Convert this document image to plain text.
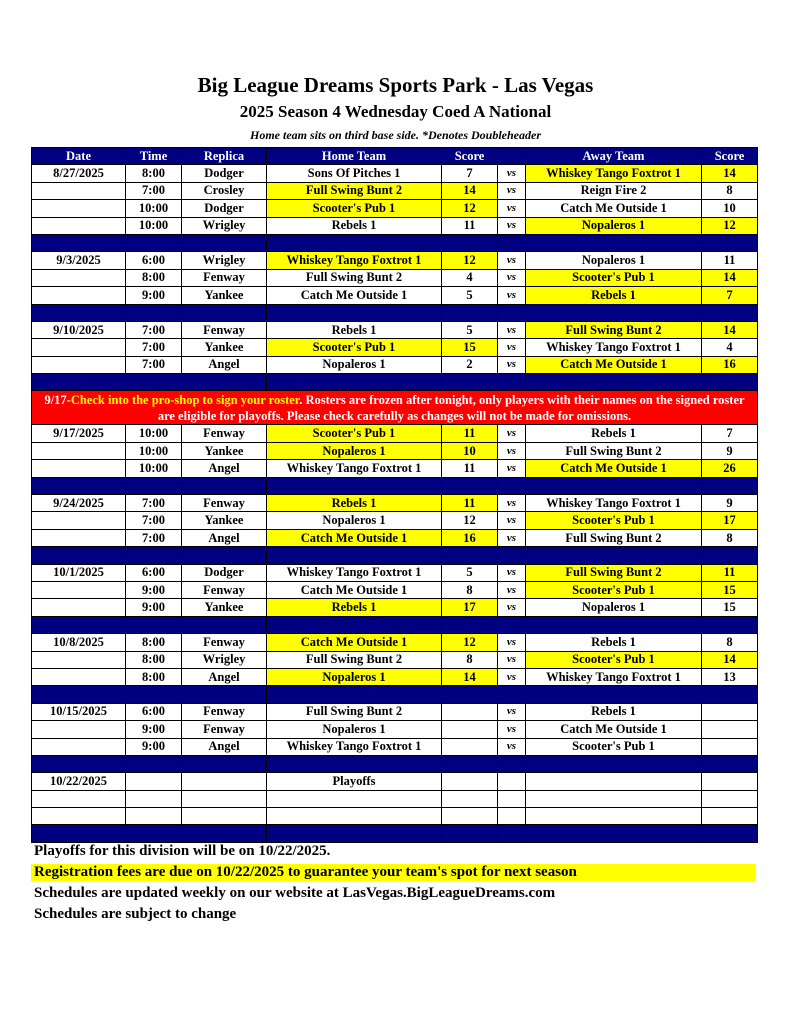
Big League Dreams Sports Park - Las Vegas
2025 Season 4 Wednesday Coed A National
Home team sits on third base side. *Denotes Doubleheader
Date	Time	Replica	Home Team	Score		Away Team	Score
8/27/2025	8:00	Dodger	Sons Of Pitches 1	7	vs	Whiskey Tango Foxtrot 1	14
	7:00	Crosley	Full Swing Bunt 2	14	vs	Reign Fire 2	8
	10:00	Dodger	Scooter's Pub 1	12	vs	Catch Me Outside 1	10
	10:00	Wrigley	Rebels 1	11	vs	Nopaleros 1	12

9/3/2025	6:00	Wrigley	Whiskey Tango Foxtrot 1	12	vs	Nopaleros 1	11
	8:00	Fenway	Full Swing Bunt 2	4	vs	Scooter's Pub 1	14
	9:00	Yankee	Catch Me Outside 1	5	vs	Rebels 1	7

9/10/2025	7:00	Fenway	Rebels 1	5	vs	Full Swing Bunt 2	14
	7:00	Yankee	Scooter's Pub 1	15	vs	Whiskey Tango Foxtrot 1	4
	7:00	Angel	Nopaleros 1	2	vs	Catch Me Outside 1	16

9/17-Check into the pro-shop to sign your roster. Rosters are frozen after tonight, only players with their names on the signed roster are eligible for playoffs. Please check carefully as changes will not be made for omissions.							
9/17/2025	10:00	Fenway	Scooter's Pub 1	11	vs	Rebels 1	7
	10:00	Yankee	Nopaleros 1	10	vs	Full Swing Bunt 2	9
	10:00	Angel	Whiskey Tango Foxtrot 1	11	vs	Catch Me Outside 1	26

9/24/2025	7:00	Fenway	Rebels 1	11	vs	Whiskey Tango Foxtrot 1	9
	7:00	Yankee	Nopaleros 1	12	vs	Scooter's Pub 1	17
	7:00	Angel	Catch Me Outside 1	16	vs	Full Swing Bunt 2	8

10/1/2025	6:00	Dodger	Whiskey Tango Foxtrot 1	5	vs	Full Swing Bunt 2	11
	9:00	Fenway	Catch Me Outside 1	8	vs	Scooter's Pub 1	15
	9:00	Yankee	Rebels 1	17	vs	Nopaleros 1	15

10/8/2025	8:00	Fenway	Catch Me Outside 1	12	vs	Rebels 1	8
	8:00	Wrigley	Full Swing Bunt 2	8	vs	Scooter's Pub 1	14
	8:00	Angel	Nopaleros 1	14	vs	Whiskey Tango Foxtrot 1	13

10/15/2025	6:00	Fenway	Full Swing Bunt 2		vs	Rebels 1	
	9:00	Fenway	Nopaleros 1		vs	Catch Me Outside 1	
	9:00	Angel	Whiskey Tango Foxtrot 1		vs	Scooter's Pub 1	

10/22/2025			Playoffs				

Playoffs for this division will be on 10/22/2025.
Registration fees are due on 10/22/2025 to guarantee your team's spot for next season
Schedules are updated weekly on our website at LasVegas.BigLeagueDreams.com
Schedules are subject to change
